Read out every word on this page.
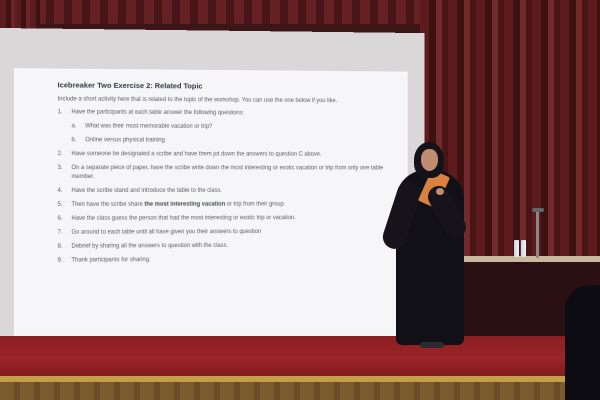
Icebreaker Two Exercise 2: Related Topic
Include a short activity here that is related to the topic of the workshop. You can use the one below if you like.
1.	Have the participants at each table answer the following questions:
a.	What was their most memorable vacation or trip?
b.	Online versus physical training
2.	Have someone be designated a scribe and have them jot down the answers to question C above.
3.	On a separate piece of paper, have the scribe write down the most interesting or exotic vacation or trip from only one table member.
4.	Have the scribe stand and introduce the table to the class.
5.	Then have the scribe share the most interesting vacation or trip from their group.
6.	Have the class guess the person that had the most interesting or exotic trip or vacation.
7.	Go around to each table until all have given you their answers to question
8.	Debrief by sharing all the answers to question with the class.
9.	Thank participants for sharing.
